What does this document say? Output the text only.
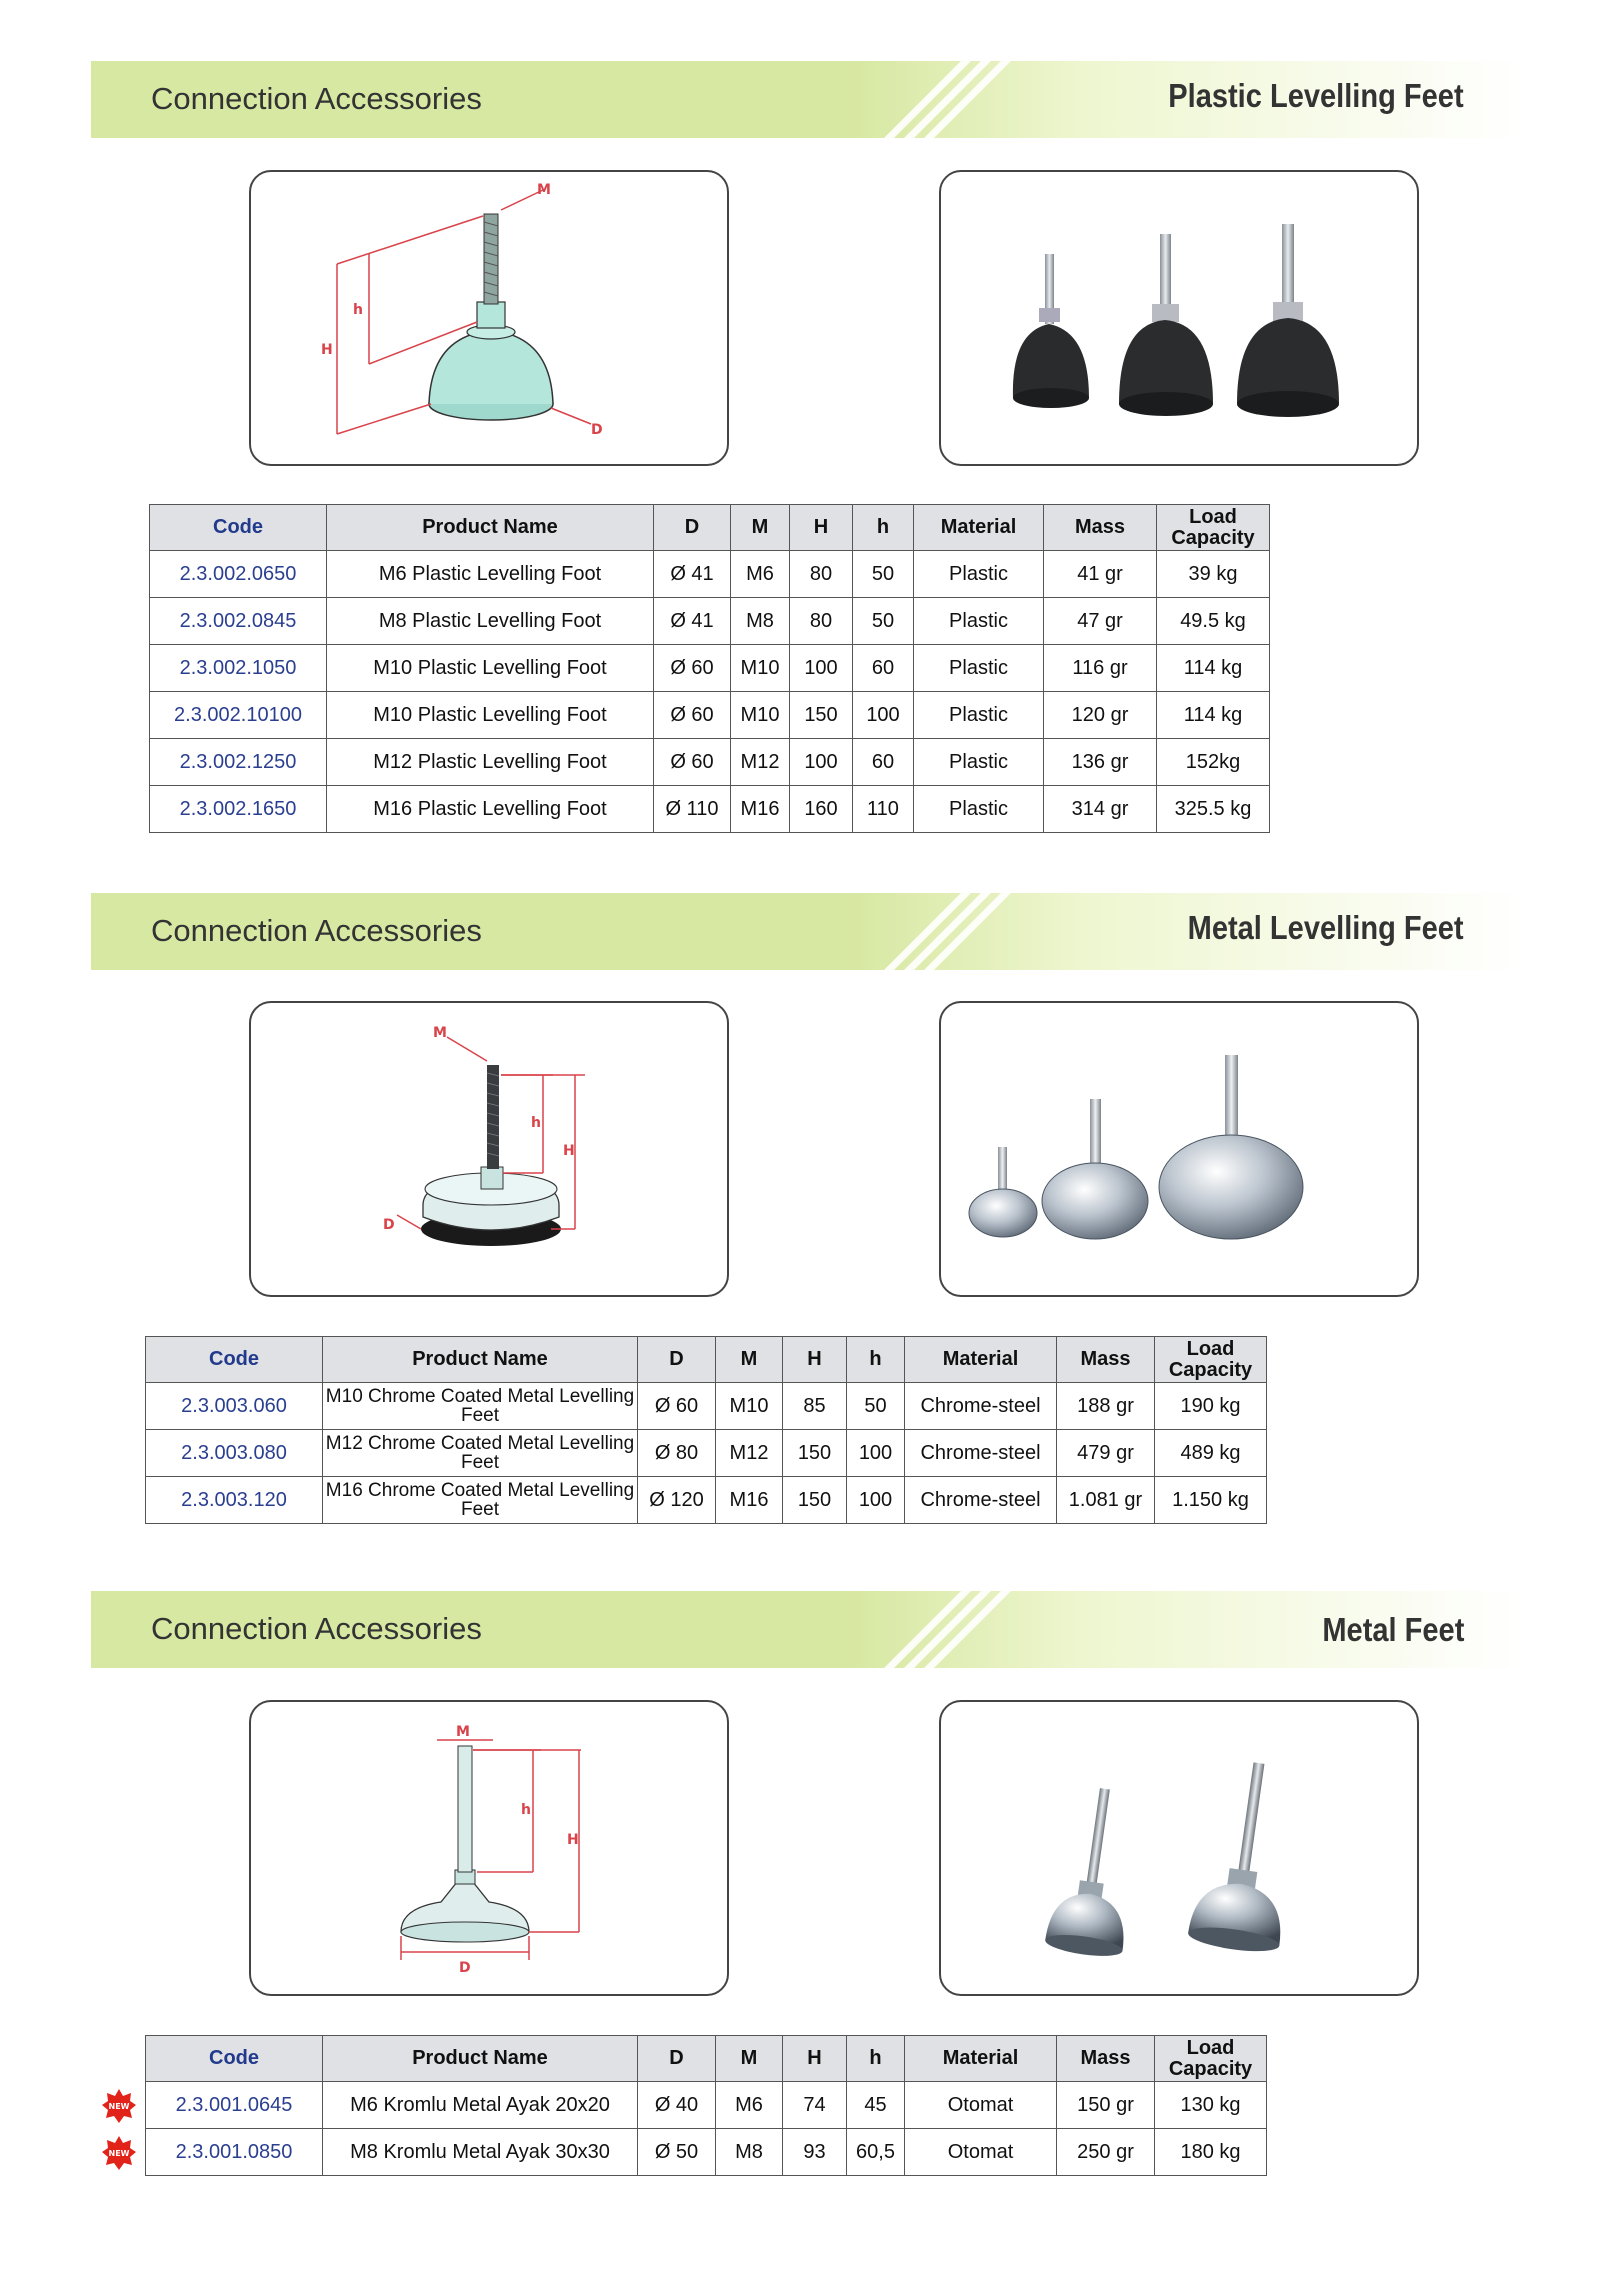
Connection Accessories	Plastic Levelling Feet
H
h
M
D
Code	Product Name	D	M	H	h	Material	Mass	Load Capacity
2.3.002.0650	M6 Plastic Levelling Foot	Ø 41	M6	80	50	Plastic	41 gr	39 kg
2.3.002.0845	M8 Plastic Levelling Foot	Ø 41	M8	80	50	Plastic	47 gr	49.5 kg
2.3.002.1050	M10 Plastic Levelling Foot	Ø 60	M10	100	60	Plastic	116 gr	114 kg
2.3.002.10100	M10 Plastic Levelling Foot	Ø 60	M10	150	100	Plastic	120 gr	114 kg
2.3.002.1250	M12 Plastic Levelling Foot	Ø 60	M12	100	60	Plastic	136 gr	152kg
2.3.002.1650	M16 Plastic Levelling Foot	Ø 110	M16	160	110	Plastic	314 gr	325.5 kg
Connection Accessories	Metal Levelling Feet
h
H
M
D
Code	Product Name	D	M	H	h	Material	Mass	Load Capacity
2.3.003.060	M10 Chrome Coated Metal Levelling Feet	Ø 60	M10	85	50	Chrome-steel	188 gr	190 kg
2.3.003.080	M12 Chrome Coated Metal Levelling Feet	Ø 80	M12	150	100	Chrome-steel	479 gr	489 kg
2.3.003.120	M16 Chrome Coated Metal Levelling Feet	Ø 120	M16	150	100	Chrome-steel	1.081 gr	1.150 kg
Connection Accessories	Metal Feet
M
h
H
D
Code	Product Name	D	M	H	h	Material	Mass	Load Capacity
2.3.001.0645	M6 Kromlu Metal Ayak 20x20	Ø 40	M6	74	45	Otomat	150 gr	130 kg
2.3.001.0850	M8 Kromlu Metal Ayak 30x30	Ø 50	M8	93	60,5	Otomat	250 gr	180 kg
NEW
NEW
